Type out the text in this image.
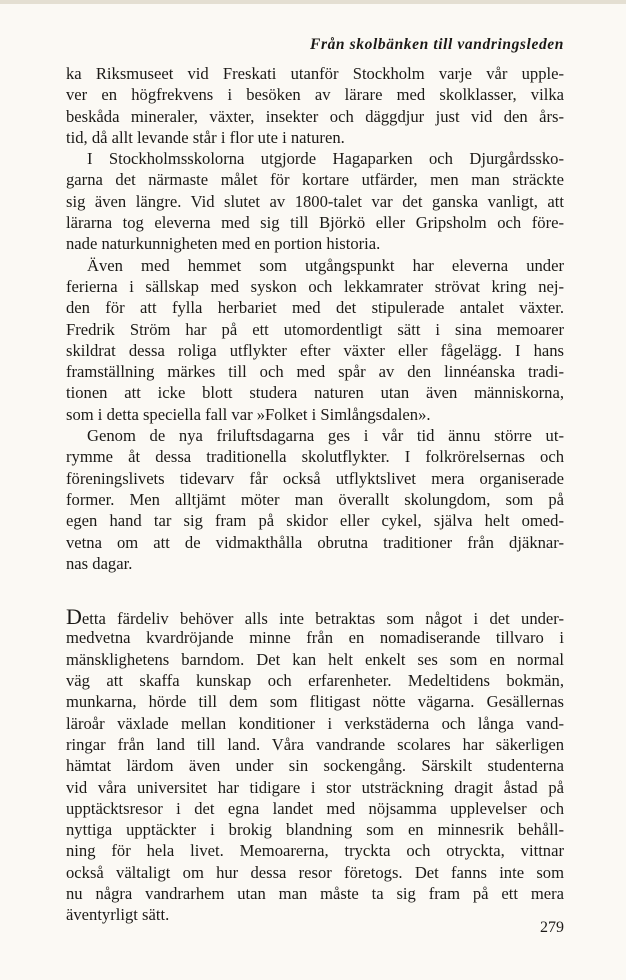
Från skolbänken till vandringsleden
ka Riksmuseet vid Freskati utanför Stockholm varje vår upple-
ver en högfrekvens i besöken av lärare med skolklasser, vilka
beskåda mineraler, växter, insekter och däggdjur just vid den års-
tid, då allt levande står i flor ute i naturen.
I Stockholmsskolorna utgjorde Hagaparken och Djurgårdssko-
garna det närmaste målet för kortare utfärder, men man sträckte
sig även längre. Vid slutet av 1800-talet var det ganska vanligt, att
lärarna tog eleverna med sig till Björkö eller Gripsholm och före-
nade naturkunnigheten med en portion historia.
Även med hemmet som utgångspunkt har eleverna under
ferierna i sällskap med syskon och lekkamrater strövat kring nej-
den för att fylla herbariet med det stipulerade antalet växter.
Fredrik Ström har på ett utomordentligt sätt i sina memoarer
skildrat dessa roliga utflykter efter växter eller fågelägg. I hans
framställning märkes till och med spår av den linnéanska tradi-
tionen att icke blott studera naturen utan även människorna,
som i detta speciella fall var »Folket i Simlångsdalen».
Genom de nya friluftsdagarna ges i vår tid ännu större ut-
rymme åt dessa traditionella skolutflykter. I folkrörelsernas och
föreningslivets tidevarv får också utflyktslivet mera organiserade
former. Men alltjämt möter man överallt skolungdom, som på
egen hand tar sig fram på skidor eller cykel, själva helt omed-
vetna om att de vidmakthålla obrutna traditioner från djäknar-
nas dagar.
Detta färdeliv behöver alls inte betraktas som något i det under-
medvetna kvardröjande minne från en nomadiserande tillvaro i
mänsklighetens barndom. Det kan helt enkelt ses som en normal
väg att skaffa kunskap och erfarenheter. Medeltidens bokmän,
munkarna, hörde till dem som flitigast nötte vägarna. Gesällernas
läroår växlade mellan konditioner i verkstäderna och långa vand-
ringar från land till land. Våra vandrande scolares har säkerligen
hämtat lärdom även under sin sockengång. Särskilt studenterna
vid våra universitet har tidigare i stor utsträckning dragit åstad på
upptäcktsresor i det egna landet med nöjsamma upplevelser och
nyttiga upptäckter i brokig blandning som en minnesrik behåll-
ning för hela livet. Memoarerna, tryckta och otryckta, vittnar
också vältaligt om hur dessa resor företogs. Det fanns inte som
nu några vandrarhem utan man måste ta sig fram på ett mera
äventyrligt sätt.
279
